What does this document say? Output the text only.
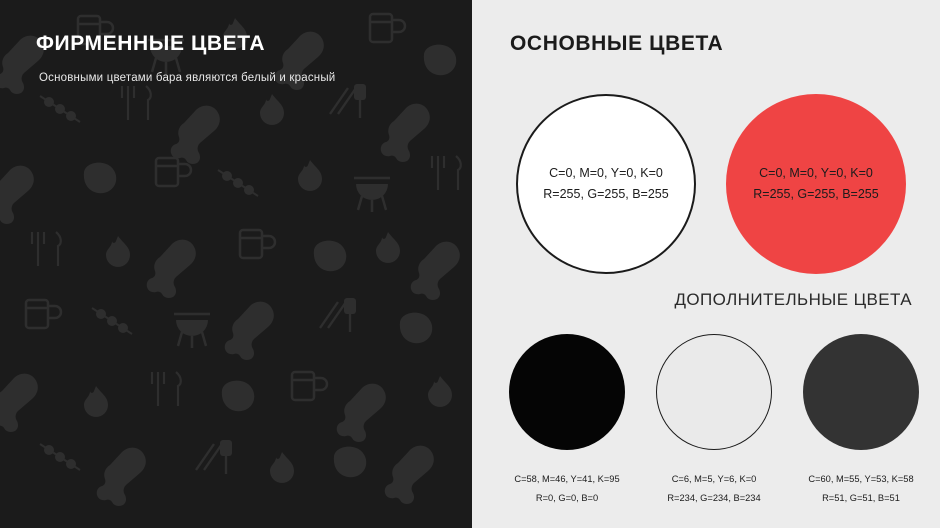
ФИРМЕННЫЕ ЦВЕТА
Основными цветами бара являются белый и красный
ОСНОВНЫЕ ЦВЕТА
C=0, M=0, Y=0, K=0
R=255, G=255, B=255
C=0, M=0, Y=0, K=0
R=255, G=255, B=255
ДОПОЛНИТЕЛЬНЫЕ ЦВЕТА
C=58, M=46, Y=41, K=95
R=0, G=0, B=0
C=6, M=5, Y=6, K=0
R=234, G=234, B=234
C=60, M=55, Y=53, K=58
R=51, G=51, B=51
